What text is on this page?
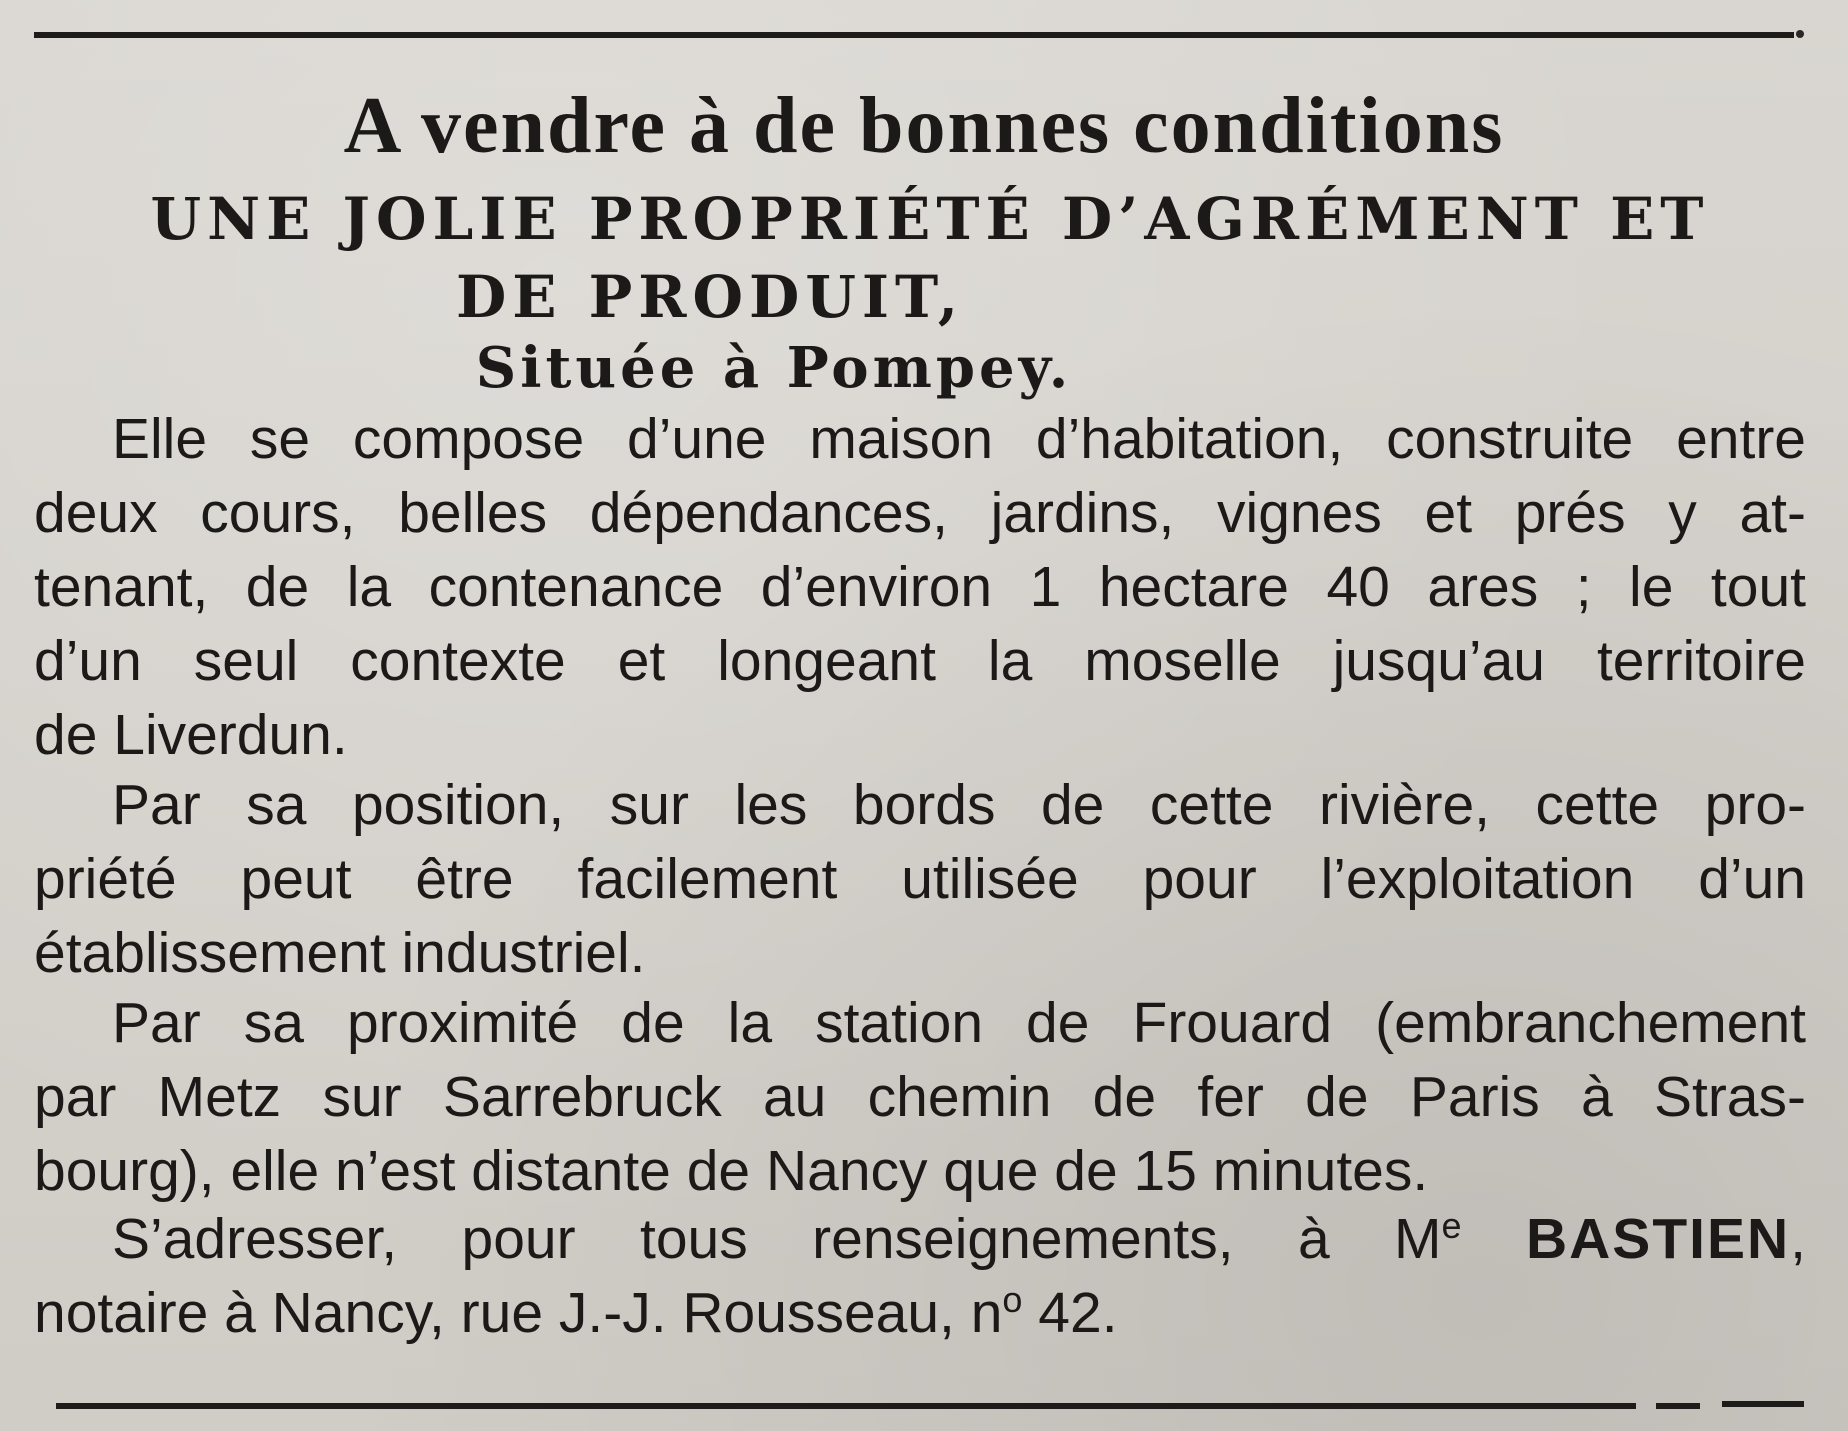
A vendre à de bonnes conditions
UNE JOLIE PROPRIÉTÉ D’AGRÉMENT ET
DE PRODUIT,
Située à Pompey.
Elle se compose d’une maison d’habitation, construite entre
deux cours, belles dépendances, jardins, vignes et prés y at-
tenant, de la contenance d’environ 1 hectare 40 ares ; le tout
d’un seul contexte et longeant la moselle jusqu’au territoire
de Liverdun.
Par sa position, sur les bords de cette rivière, cette pro-
priété peut être facilement utilisée pour l’exploitation d’un
établissement industriel.
Par sa proximité de la station de Frouard (embranchement
par Metz sur Sarrebruck au chemin de fer de Paris à Stras-
bourg), elle n’est distante de Nancy que de 15 minutes.
S’adresser, pour tous renseignements, à Me BASTIEN,
notaire à Nancy, rue J.-J. Rousseau, $n^o$ 42.
